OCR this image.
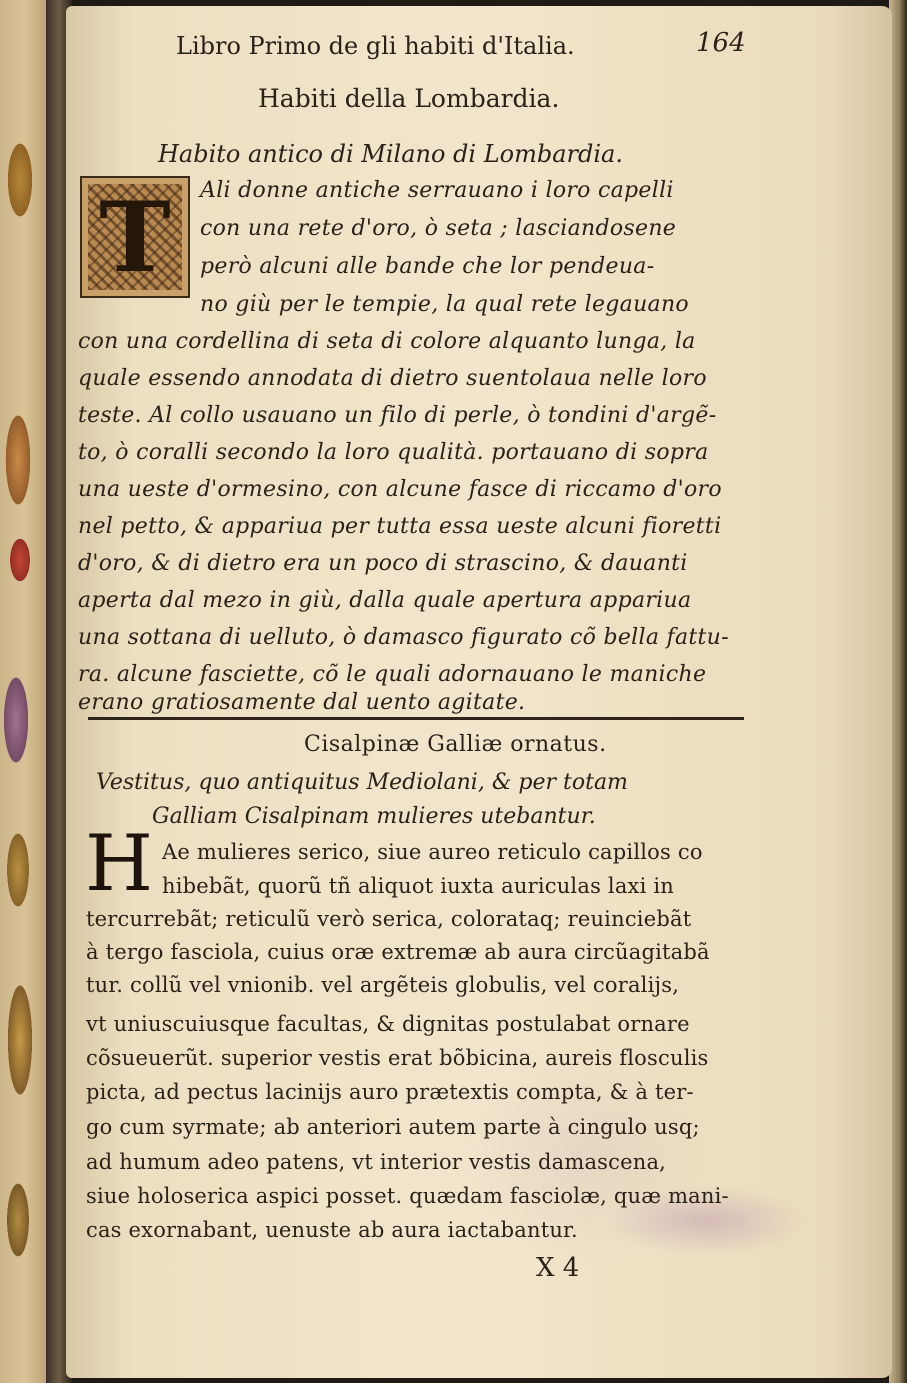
Libro Primo de gli habiti d'Italia.	164
Habiti della Lombardia.
Habito antico di Milano di Lombardia.
T	Ali donne antiche serrauano i loro capelli
con una rete d'oro, ò seta ; lasciandosene
però alcuni alle bande che lor pendeua-
no giù per le tempie, la qual rete legauano
con una cordellina di seta di colore alquanto lunga, la
quale essendo annodata di dietro suentolaua nelle loro
teste. Al collo usauano un filo di perle, ò tondini d'argẽ-
to, ò coralli secondo la loro qualità. portauano di sopra
una ueste d'ormesino, con alcune fasce di riccamo d'oro
nel petto, & appariua per tutta essa ueste alcuni fioretti
d'oro, & di dietro era un poco di strascino, & dauanti
aperta dal mezo in giù, dalla quale apertura appariua
una sottana di uelluto, ò damasco figurato cõ bella fattu-
ra. alcune fasciette, cõ le quali adornauano le maniche
erano gratiosamente dal uento agitate.
Cisalpinæ Galliæ ornatus.
Vestitus, quo antiquitus Mediolani, & per totam
Galliam Cisalpinam mulieres utebantur.
H Ae mulieres serico, siue aureo reticulo capillos co
hibebãt, quorũ tñ aliquot iuxta auriculas laxi in
tercurrebãt; reticulũ verò serica, colorataq; reuinciebãt
à tergo fasciola, cuius oræ extremæ ab aura circũagitabã
tur. collũ vel vnionib. vel argẽteis globulis, vel coralijs,
vt uniuscuiusque facultas, & dignitas postulabat ornare
cõsueuerũt. superior vestis erat bõbicina, aureis flosculis
picta, ad pectus lacinijs auro prætextis compta, & à ter-
go cum syrmate; ab anteriori autem parte à cingulo usq;
ad humum adeo patens, vt interior vestis damascena,
siue holoserica aspici posset. quædam fasciolæ, quæ mani-
cas exornabant, uenuste ab aura iactabantur.
X 4
